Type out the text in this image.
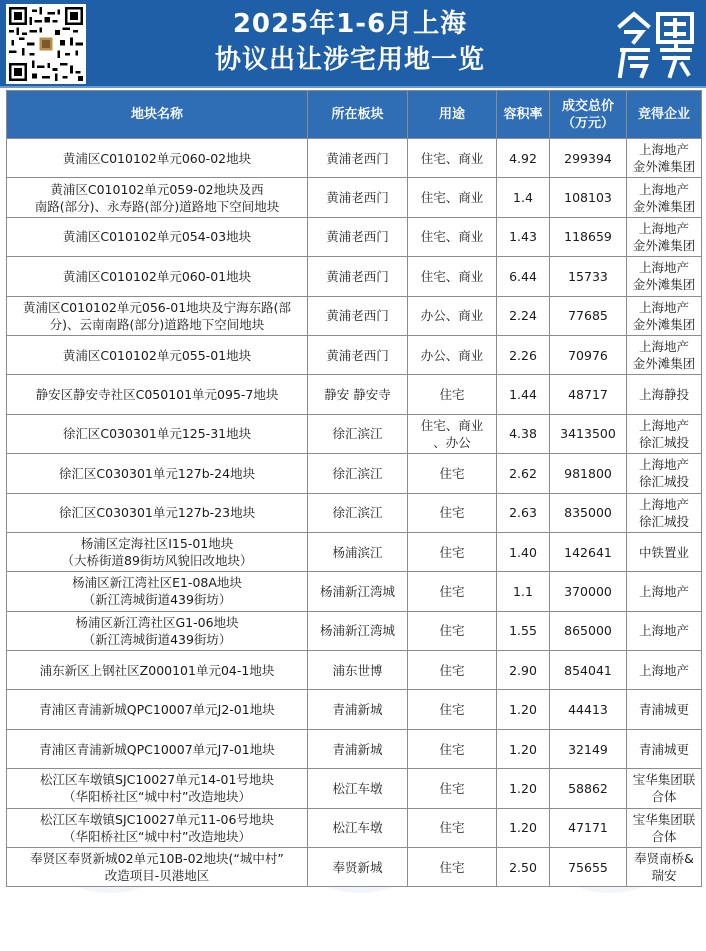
2025年1-6月上海
协议出让涉宅用地一览
地块名称	所在板块	用途	容积率	成交总价
（万元）	竞得企业
黄浦区C010102单元060-02地块	黄浦老西门	住宅、商业	4.92	299394	上海地产
金外滩集团
黄浦区C010102单元059-02地块及西
南路(部分)、永寿路(部分)道路地下空间地块	黄浦老西门	住宅、商业	1.4	108103	上海地产
金外滩集团
黄浦区C010102单元054-03地块	黄浦老西门	住宅、商业	1.43	118659	上海地产
金外滩集团
黄浦区C010102单元060-01地块	黄浦老西门	住宅、商业	6.44	15733	上海地产
金外滩集团
黄浦区C010102单元056-01地块及宁海东路(部
分)、云南南路(部分)道路地下空间地块	黄浦老西门	办公、商业	2.24	77685	上海地产
金外滩集团
黄浦区C010102单元055-01地块	黄浦老西门	办公、商业	2.26	70976	上海地产
金外滩集团
静安区静安寺社区C050101单元095-7地块	静安 静安寺	住宅	1.44	48717	上海静投
徐汇区C030301单元125-31地块	徐汇滨江	住宅、商业
、办公	4.38	3413500	上海地产
徐汇城投
徐汇区C030301单元127b-24地块	徐汇滨江	住宅	2.62	981800	上海地产
徐汇城投
徐汇区C030301单元127b-23地块	徐汇滨江	住宅	2.63	835000	上海地产
徐汇城投
杨浦区定海社区I15-01地块
（大桥街道89街坊风貌旧改地块）	杨浦滨江	住宅	1.40	142641	中铁置业
杨浦区新江湾社区E1-08A地块
（新江湾城街道439街坊）	杨浦新江湾城	住宅	1.1	370000	上海地产
杨浦区新江湾社区G1-06地块
（新江湾城街道439街坊）	杨浦新江湾城	住宅	1.55	865000	上海地产
浦东新区上钢社区Z000101单元04-1地块	浦东世博	住宅	2.90	854041	上海地产
青浦区青浦新城QPC10007单元J2-01地块	青浦新城	住宅	1.20	44413	青浦城更
青浦区青浦新城QPC10007单元J7-01地块	青浦新城	住宅	1.20	32149	青浦城更
松江区车墩镇SJC10027单元14-01号地块
（华阳桥社区“城中村”改造地块）	松江车墩	住宅	1.20	58862	宝华集团联
合体
松江区车墩镇SJC10027单元11-06号地块
（华阳桥社区“城中村”改造地块）	松江车墩	住宅	1.20	47171	宝华集团联
合体
奉贤区奉贤新城02单元10B-02地块(“城中村”
改造项目-贝港地区	奉贤新城	住宅	2.50	75655	奉贤南桥&
瑞安
